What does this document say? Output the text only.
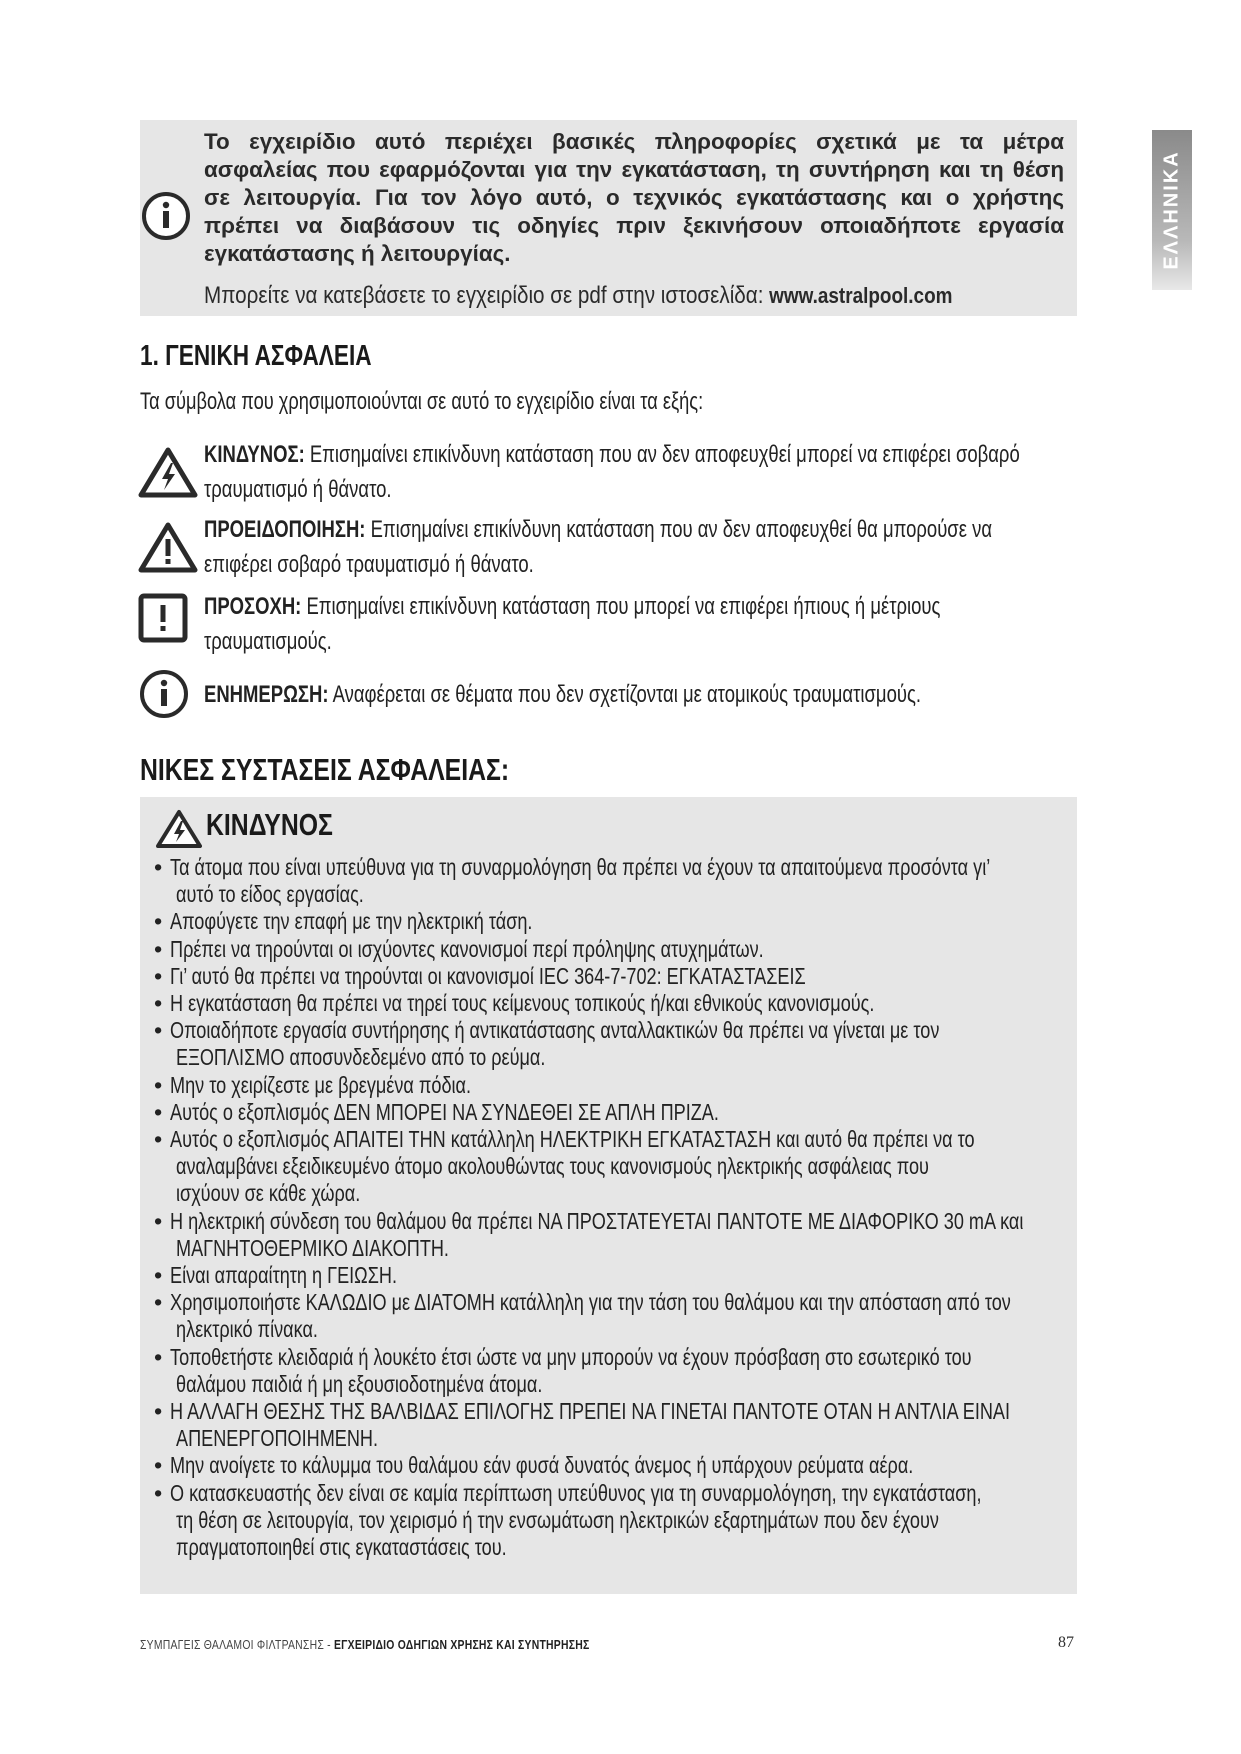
ΕΛΛΗΝΙΚΑ
Το εγχειρίδιο αυτό περιέχει βασικές πληροφορίες σχετικά με τα μέτρα ασφαλείας που εφαρμόζονται για την εγκατάσταση, τη συντήρηση και τη θέση σε λειτουργία. Για τον λόγο αυτό, ο τεχνικός εγκατάστασης και ο χρήστης πρέπει να διαβάσουν τις οδηγίες πριν ξεκινήσουν οποιαδήποτε εργασία εγκατάστασης ή λειτουργίας.
Μπορείτε να κατεβάσετε το εγχειρίδιο σε pdf στην ιστοσελίδα: www.astralpool.com
1. ΓΕΝΙΚΗ ΑΣΦΑΛΕΙΑ
Τα σύμβολα που χρησιμοποιούνται σε αυτό το εγχειρίδιο είναι τα εξής:
ΚΙΝΔΥΝΟΣ: Επισημαίνει επικίνδυνη κατάσταση που αν δεν αποφευχθεί μπορεί να επιφέρει σοβαρό
τραυματισμό ή θάνατο.
ΠΡΟΕΙΔΟΠΟΙΗΣΗ: Επισημαίνει επικίνδυνη κατάσταση που αν δεν αποφευχθεί θα μπορούσε να
επιφέρει σοβαρό τραυματισμό ή θάνατο.
ΠΡΟΣΟΧΗ: Επισημαίνει επικίνδυνη κατάσταση που μπορεί να επιφέρει ήπιους ή μέτριους
τραυματισμούς.
ΕΝΗΜΕΡΩΣΗ: Αναφέρεται σε θέματα που δεν σχετίζονται με ατομικούς τραυματισμούς.
ΝΙΚΕΣ ΣΥΣΤΑΣΕΙΣ ΑΣΦΑΛΕΙΑΣ:
ΚΙΝΔΥΝΟΣ
• Τα άτομα που είναι υπεύθυνα για τη συναρμολόγηση θα πρέπει να έχουν τα απαιτούμενα προσόντα γι’
αυτό το είδος εργασίας.
• Αποφύγετε την επαφή με την ηλεκτρική τάση.
• Πρέπει να τηρούνται οι ισχύοντες κανονισμοί περί πρόληψης ατυχημάτων.
• Γι’ αυτό θα πρέπει να τηρούνται οι κανονισμοί IEC 364-7-702: ΕΓΚΑΤΑΣΤΑΣΕΙΣ
• Η εγκατάσταση θα πρέπει να τηρεί τους κείμενους τοπικούς ή/και εθνικούς κανονισμούς.
• Οποιαδήποτε εργασία συντήρησης ή αντικατάστασης ανταλλακτικών θα πρέπει να γίνεται με τον
ΕΞΟΠΛΙΣΜΟ αποσυνδεδεμένο από το ρεύμα.
• Μην το χειρίζεστε με βρεγμένα πόδια.
• Αυτός ο εξοπλισμός ΔΕΝ ΜΠΟΡΕΙ ΝΑ ΣΥΝΔΕΘΕΙ ΣΕ ΑΠΛΗ ΠΡΙΖΑ.
• Αυτός ο εξοπλισμός ΑΠΑΙΤΕΙ ΤΗΝ κατάλληλη ΗΛΕΚΤΡΙΚΗ ΕΓΚΑΤΑΣΤΑΣΗ και αυτό θα πρέπει να το
αναλαμβάνει εξειδικευμένο άτομο ακολουθώντας τους κανονισμούς ηλεκτρικής ασφάλειας που
ισχύουν σε κάθε χώρα.
• Η ηλεκτρική σύνδεση του θαλάμου θα πρέπει ΝΑ ΠΡΟΣΤΑΤΕΥΕΤΑΙ ΠΑΝΤΟΤΕ ΜΕ ΔΙΑΦΟΡΙΚΟ 30 mA και
ΜΑΓΝΗΤΟΘΕΡΜΙΚΟ ΔΙΑΚΟΠΤΗ.
• Είναι απαραίτητη η ΓΕΙΩΣΗ.
• Χρησιμοποιήστε ΚΑΛΩΔΙΟ με ΔΙΑΤΟΜΗ κατάλληλη για την τάση του θαλάμου και την απόσταση από τον
ηλεκτρικό πίνακα.
• Τοποθετήστε κλειδαριά ή λουκέτο έτσι ώστε να μην μπορούν να έχουν πρόσβαση στο εσωτερικό του
θαλάμου παιδιά ή μη εξουσιοδοτημένα άτομα.
• Η ΑΛΛΑΓΗ ΘΕΣΗΣ ΤΗΣ ΒΑΛΒΙΔΑΣ ΕΠΙΛΟΓΗΣ ΠΡΕΠΕΙ ΝΑ ΓΙΝΕΤΑΙ ΠΑΝΤΟΤΕ ΟΤΑΝ Η ΑΝΤΛΙΑ ΕΙΝΑΙ
ΑΠΕΝΕΡΓΟΠΟΙΗΜΕΝΗ.
• Μην ανοίγετε το κάλυμμα του θαλάμου εάν φυσά δυνατός άνεμος ή υπάρχουν ρεύματα αέρα.
• Ο κατασκευαστής δεν είναι σε καμία περίπτωση υπεύθυνος για τη συναρμολόγηση, την εγκατάσταση,
τη θέση σε λειτουργία, τον χειρισμό ή την ενσωμάτωση ηλεκτρικών εξαρτημάτων που δεν έχουν
πραγματοποιηθεί στις εγκαταστάσεις του.
ΣΥΜΠΑΓΕΙΣ ΘΑΛΑΜΟΙ ΦΙΛΤΡΑΝΣΗΣ - ΕΓΧΕΙΡΙΔΙΟ ΟΔΗΓΙΩΝ ΧΡΗΣΗΣ ΚΑΙ ΣΥΝΤΗΡΗΣΗΣ	87
